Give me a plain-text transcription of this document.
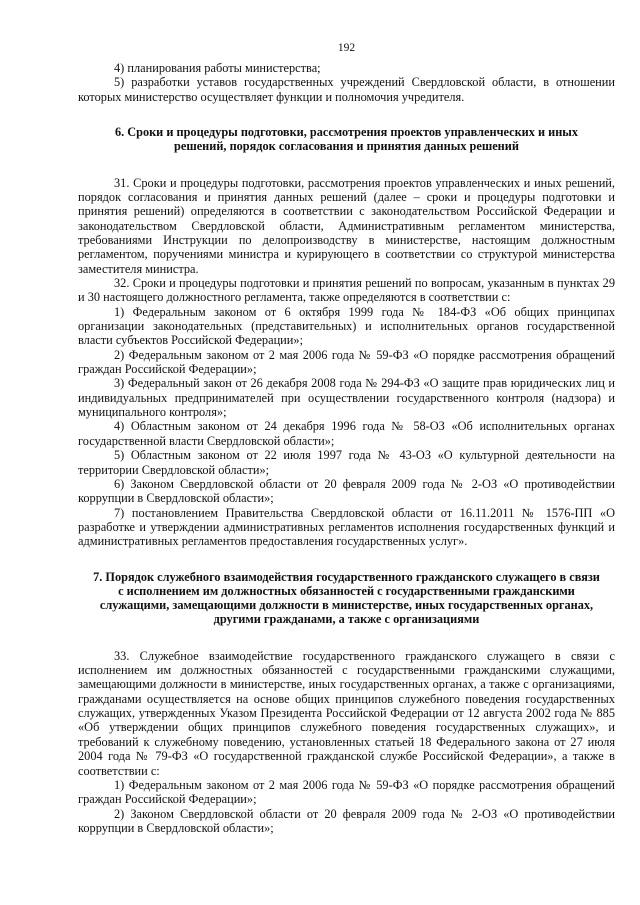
192

4) планирования работы министерства;

5) разработки уставов государственных учреждений Свердловской области, в отношении которых министерство осуществляет функции и полномочия учредителя.

6. Сроки и процедуры подготовки, рассмотрения проектов управленческих и иных решений, порядок согласования и принятия данных решений

31. Сроки и процедуры подготовки, рассмотрения проектов управленческих и иных решений, порядок согласования и принятия данных решений (далее – сроки и процедуры подготовки и принятия решений) определяются в соответствии с законодательством Российской Федерации и законодательством Свердловской области, Административным регламентом министерства, требованиями Инструкции по делопроизводству в министерстве, настоящим должностным регламентом, поручениями министра и курирующего в соответствии со структурой министерства заместителя министра.

32. Сроки и процедуры подготовки и принятия решений по вопросам, указанным в пунктах 29 и 30 настоящего должностного регламента, также определяются в соответствии с:

1) Федеральным законом от 6 октября 1999 года № 184-ФЗ «Об общих принципах организации законодательных (представительных) и исполнительных органов государственной власти субъектов Российской Федерации»;

2) Федеральным законом от 2 мая 2006 года № 59-ФЗ «О порядке рассмотрения обращений граждан Российской Федерации»;

3) Федеральный закон от 26 декабря 2008 года № 294-ФЗ «О защите прав юридических лиц и индивидуальных предпринимателей при осуществлении государственного контроля (надзора) и муниципального контроля»;

4) Областным законом от 24 декабря 1996 года № 58-ОЗ «Об исполнительных органах государственной власти Свердловской области»;

5) Областным законом от 22 июля 1997 года № 43-ОЗ «О культурной деятельности на территории Свердловской области»;

6) Законом Свердловской области от 20 февраля 2009 года № 2-ОЗ «О противодействии коррупции в Свердловской области»;

7) постановлением Правительства Свердловской области от 16.11.2011 № 1576-ПП «О разработке и утверждении административных регламентов исполнения государственных функций и административных регламентов предоставления государственных услуг».

7. Порядок служебного взаимодействия государственного гражданского служащего в связи с исполнением им должностных обязанностей с государственными гражданскими служащими, замещающими должности в министерстве, иных государственных органах, другими гражданами, а также с организациями

33. Служебное взаимодействие государственного гражданского служащего в связи с исполнением им должностных обязанностей с государственными гражданскими служащими, замещающими должности в министерстве, иных государственных органах, а также с организациями, гражданами осуществляется на основе общих принципов служебного поведения государственных служащих, утвержденных Указом Президента Российской Федерации от 12 августа 2002 года № 885 «Об утверждении общих принципов служебного поведения государственных служащих», и требований к служебному поведению, установленных статьей 18 Федерального закона от 27 июля 2004 года № 79-ФЗ «О государственной гражданской службе Российской Федерации», а также в соответствии с:

1) Федеральным законом от 2 мая 2006 года № 59-ФЗ «О порядке рассмотрения обращений граждан Российской Федерации»;

2) Законом Свердловской области от 20 февраля 2009 года № 2-ОЗ «О противодействии коррупции в Свердловской области»;
